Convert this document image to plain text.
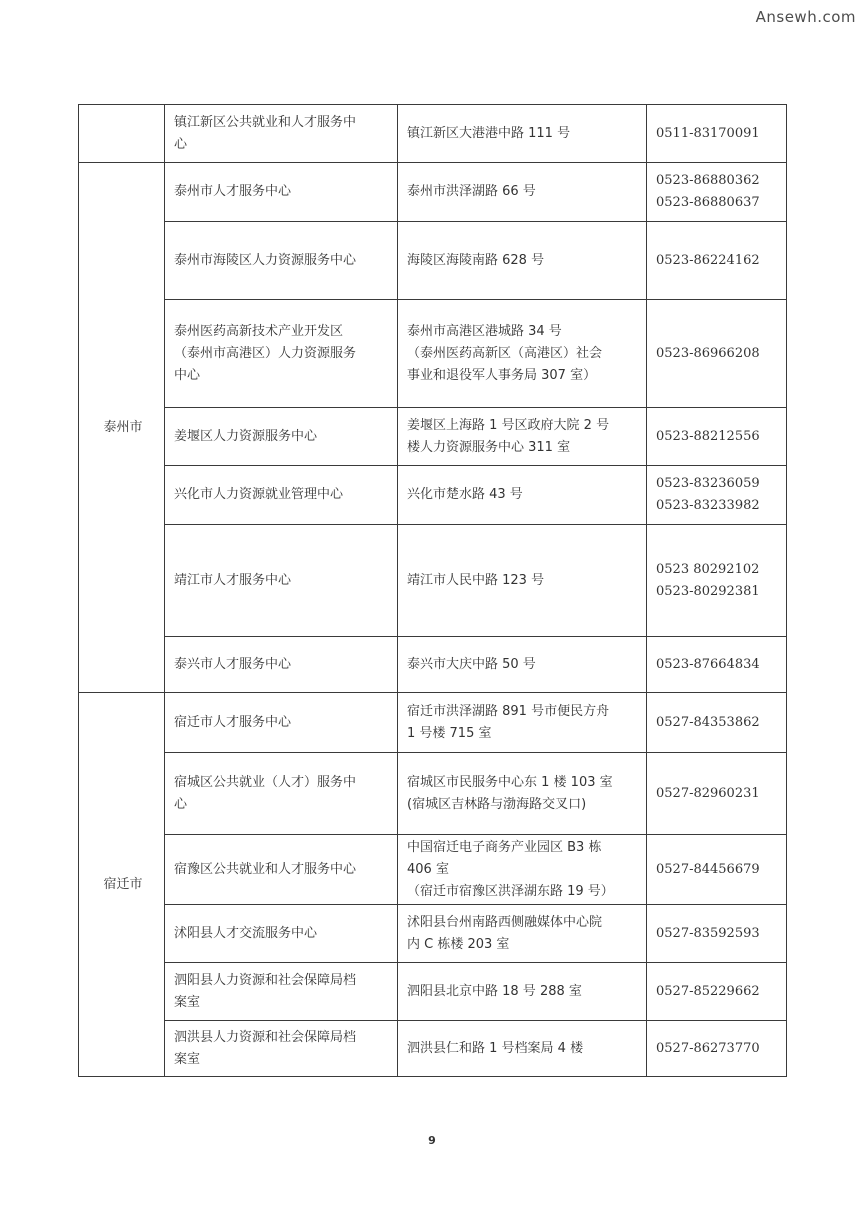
Ansewh.com

	镇江新区公共就业和人才服务中
心	镇江新区大港港中路 111 号	0511-83170091

泰州市	泰州市人才服务中心	泰州市洪泽湖路 66 号	0523-86880362
0523-86880637

	泰州市海陵区人力资源服务中心	海陵区海陵南路 628 号	0523-86224162

	泰州医药高新技术产业开发区
（泰州市高港区）人力资源服务
中心	泰州市高港区港城路 34 号
（泰州医药高新区（高港区）社会
事业和退役军人事务局 307 室）	0523-86966208

	姜堰区人力资源服务中心	姜堰区上海路 1 号区政府大院 2 号
楼人力资源服务中心 311 室	0523-88212556

	兴化市人力资源就业管理中心	兴化市楚水路 43 号	0523-83236059
0523-83233982

	靖江市人才服务中心	靖江市人民中路 123 号	0523 80292102
0523-80292381

	泰兴市人才服务中心	泰兴市大庆中路 50 号	0523-87664834

宿迁市	宿迁市人才服务中心	宿迁市洪泽湖路 891 号市便民方舟
1 号楼 715 室	0527-84353862

	宿城区公共就业（人才）服务中
心	宿城区市民服务中心东 1 楼 103 室
(宿城区吉林路与渤海路交叉口)	0527-82960231

	宿豫区公共就业和人才服务中心	中国宿迁电子商务产业园区 B3 栋
406 室
（宿迁市宿豫区洪泽湖东路 19 号）	0527-84456679

	沭阳县人才交流服务中心	沭阳县台州南路西侧融媒体中心院
内 C 栋楼 203 室	0527-83592593

	泗阳县人力资源和社会保障局档
案室	泗阳县北京中路 18 号 288 室	0527-85229662

	泗洪县人力资源和社会保障局档
案室	泗洪县仁和路 1 号档案局 4 楼	0527-86273770
9
